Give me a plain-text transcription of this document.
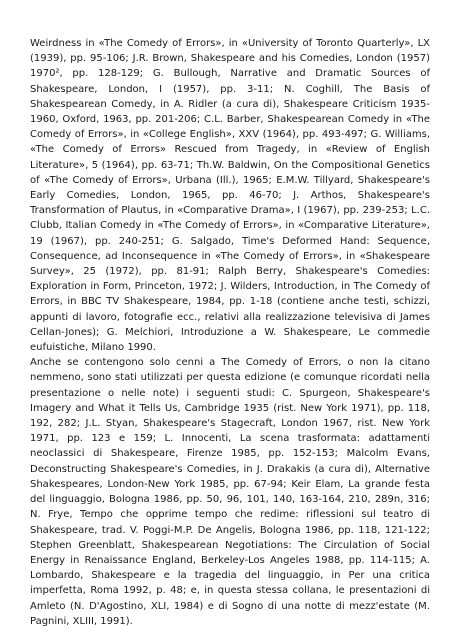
Weirdness in «The Comedy of Errors», in «University of Toronto Quarterly», LX (1939), pp. 95-106; J.R. Brown, Shakespeare and his Comedies, London (1957) 1970², pp. 128-129; G. Bullough, Narrative and Dramatic Sources of Shakespeare, London, I (1957), pp. 3-11; N. Coghill, The Basis of Shakespearean Comedy, in A. Ridler (a cura di), Shakespeare Criticism 1935-1960, Oxford, 1963, pp. 201-206; C.L. Barber, Shakespearean Comedy in «The Comedy of Errors», in «College English», XXV (1964), pp. 493-497; G. Williams, «The Comedy of Errors» Rescued from Tragedy, in «Review of English Literature», 5 (1964), pp. 63-71; Th.W. Baldwin, On the Compositional Genetics of «The Comedy of Errors», Urbana (Ill.), 1965; E.M.W. Tillyard, Shakespeare's Early Comedies, London, 1965, pp. 46-70; J. Arthos, Shakespeare's Transformation of Plautus, in «Comparative Drama», I (1967), pp. 239-253; L.C. Clubb, Italian Comedy in «The Comedy of Errors», in «Comparative Literature», 19 (1967), pp. 240-251; G. Salgado, Time's Deformed Hand: Sequence, Consequence, ad Inconsequence in «The Comedy of Errors», in «Shakespeare Survey», 25 (1972), pp. 81-91; Ralph Berry, Shakespeare's Comedies: Exploration in Form, Princeton, 1972; J. Wilders, Introduction, in The Comedy of Errors, in BBC TV Shakespeare, 1984, pp. 1-18 (contiene anche testi, schizzi, appunti di lavoro, fotografie ecc., relativi alla realizzazione televisiva di James Cellan-Jones); G. Melchiori, Introduzione a W. Shakespeare, Le commedie eufuistiche, Milano 1990.

Anche se contengono solo cenni a The Comedy of Errors, o non la citano nemmeno, sono stati utilizzati per questa edizione (e comunque ricordati nella presentazione o nelle note) i seguenti studi: C. Spurgeon, Shakespeare's Imagery and What it Tells Us, Cambridge 1935 (rist. New York 1971), pp. 118, 192, 282; J.L. Styan, Shakespeare's Stagecraft, London 1967, rist. New York 1971, pp. 123 e 159; L. Innocenti, La scena trasformata: adattamenti neoclassici di Shakespeare, Firenze 1985, pp. 152-153; Malcolm Evans, Deconstructing Shakespeare's Comedies, in J. Drakakis (a cura di), Alternative Shakespeares, London-New York 1985, pp. 67-94; Keir Elam, La grande festa del linguaggio, Bologna 1986, pp. 50, 96, 101, 140, 163-164, 210, 289n, 316; N. Frye, Tempo che opprime tempo che redime: riflessioni sul teatro di Shakespeare, trad. V. Poggi-M.P. De Angelis, Bologna 1986, pp. 118, 121-122; Stephen Greenblatt, Shakespearean Negotiations: The Circulation of Social Energy in Renaissance England, Berkeley-Los Angeles 1988, pp. 114-115; A. Lombardo, Shakespeare e la tragedia del linguaggio, in Per una critica imperfetta, Roma 1992, p. 48; e, in questa stessa collana, le presentazioni di Amleto (N. D'Agostino, XLI, 1984) e di Sogno di una notte di mezz'estate (M. Pagnini, XLIII, 1991).
